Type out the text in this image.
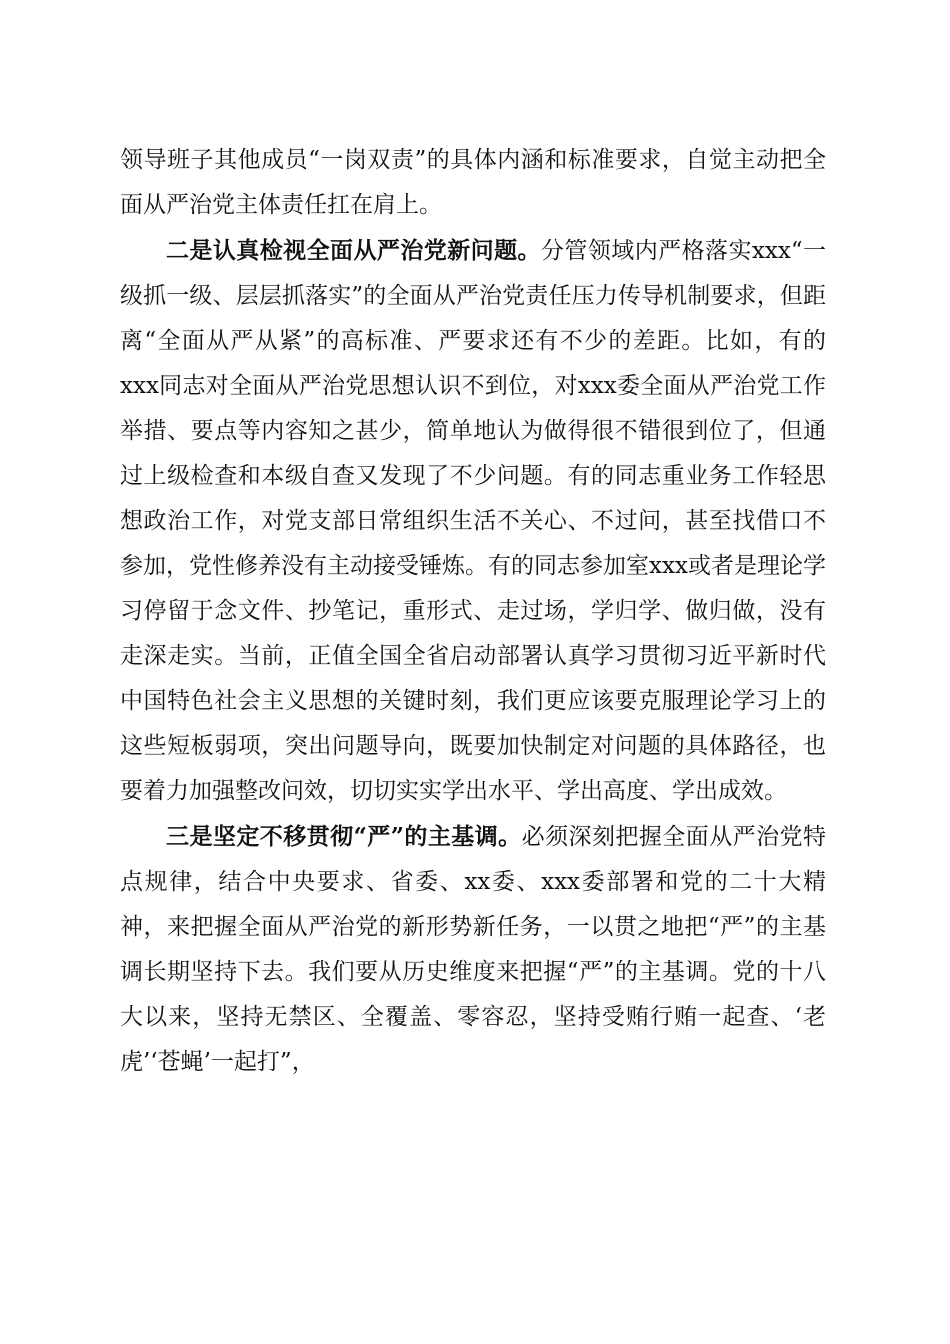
领导班子其他成员“一岗双责”的具体内涵和标准要求，自觉主动把全面从严治党主体责任扛在肩上。

二是认真检视全面从严治党新问题。分管领域内严格落实xxx“一级抓一级、层层抓落实”的全面从严治党责任压力传导机制要求，但距离“全面从严从紧”的高标准、严要求还有不少的差距。比如，有的xxx同志对全面从严治党思想认识不到位，对xxx委全面从严治党工作举措、要点等内容知之甚少，简单地认为做得很不错很到位了，但通过上级检查和本级自查又发现了不少问题。有的同志重业务工作轻思想政治工作，对党支部日常组织生活不关心、不过问，甚至找借口不参加，党性修养没有主动接受锤炼。有的同志参加室xxx或者是理论学习停留于念文件、抄笔记，重形式、走过场，学归学、做归做，没有走深走实。当前，正值全国全省启动部署认真学习贯彻习近平新时代中国特色社会主义思想的关键时刻，我们更应该要克服理论学习上的这些短板弱项，突出问题导向，既要加快制定对问题的具体路径，也要着力加强整改问效，切切实实学出水平、学出高度、学出成效。

三是坚定不移贯彻“严”的主基调。必须深刻把握全面从严治党特点规律，结合中央要求、省委、xx委、xxx委部署和党的二十大精神，来把握全面从严治党的新形势新任务，一以贯之地把“严”的主基调长期坚持下去。我们要从历史维度来把握“严”的主基调。党的十八大以来，坚持无禁区、全覆盖、零容忍，坚持受贿行贿一起查、‘老虎’‘苍蝇’一起打”，
